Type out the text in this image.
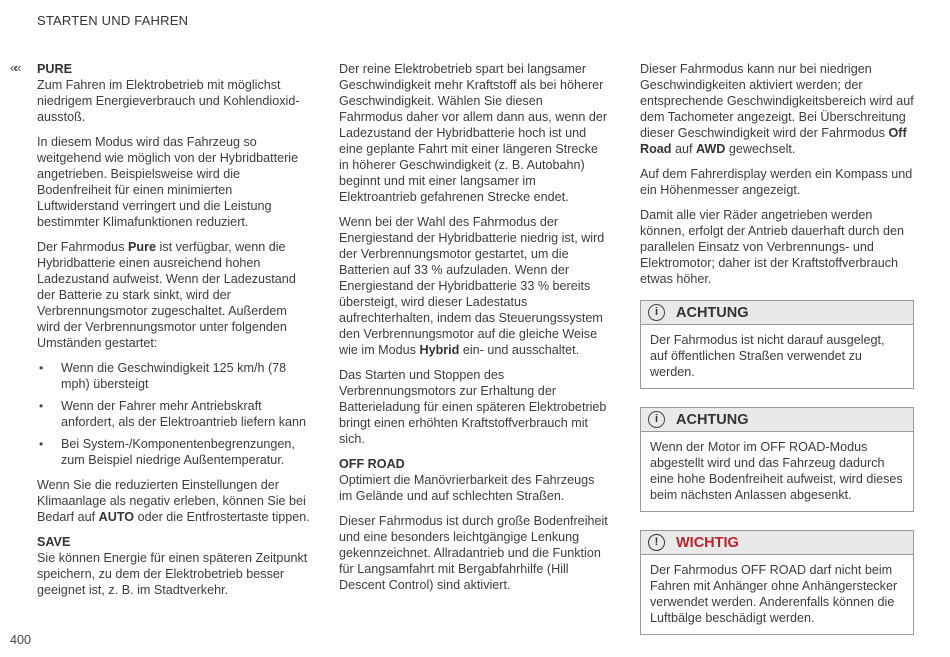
STARTEN UND FAHREN
«« PURE

Zum Fahren im Elektrobetrieb mit möglichst niedrigem Energieverbrauch und Kohlendioxid-ausstoß.

In diesem Modus wird das Fahrzeug so weitgehend wie möglich von der Hybridbatterie angetrieben. Beispielsweise wird die Bodenfreiheit für einen minimierten Luftwiderstand verringert und die Leistung bestimmter Klimafunktionen reduziert.

Der Fahrmodus Pure ist verfügbar, wenn die Hybridbatterie einen ausreichend hohen Ladezustand aufweist. Wenn der Ladezustand der Batterie zu stark sinkt, wird der Verbrennungsmotor zugeschaltet. Außerdem wird der Verbrennungsmotor unter folgenden Umständen gestartet:

• Wenn die Geschwindigkeit 125 km/h (78 mph) übersteigt
• Wenn der Fahrer mehr Antriebskraft anfordert, als der Elektroantrieb liefern kann
• Bei System-/Komponentenbegrenzungen, zum Beispiel niedrige Außentemperatur.

Wenn Sie die reduzierten Einstellungen der Klimaanlage als negativ erleben, können Sie bei Bedarf auf AUTO oder die Entfrostertaste tippen.

SAVE

Sie können Energie für einen späteren Zeitpunkt speichern, zu dem der Elektrobetrieb besser geeignet ist, z. B. im Stadtverkehr.

Der reine Elektrobetrieb spart bei langsamer Geschwindigkeit mehr Kraftstoff als bei höherer Geschwindigkeit. Wählen Sie diesen Fahrmodus daher vor allem dann aus, wenn der Ladezustand der Hybridbatterie hoch ist und eine geplante Fahrt mit einer längeren Strecke in höherer Geschwindigkeit (z. B. Autobahn) beginnt und mit einer langsamer im Elektroantrieb gefahrenen Strecke endet.

Wenn bei der Wahl des Fahrmodus der Energiestand der Hybridbatterie niedrig ist, wird der Verbrennungsmotor gestartet, um die Batterien auf 33 % aufzuladen. Wenn der Energiestand der Hybridbatterie 33 % bereits übersteigt, wird dieser Ladestatus aufrechterhalten, indem das Steuerungssystem den Verbrennungsmotor auf die gleiche Weise wie im Modus Hybrid ein- und ausschaltet.

Das Starten und Stoppen des Verbrennungsmotors zur Erhaltung der Batterieladung für einen späteren Elektrobetrieb bringt einen erhöhten Kraftstoffverbrauch mit sich.

OFF ROAD

Optimiert die Manövrierbarkeit des Fahrzeugs im Gelände und auf schlechten Straßen.

Dieser Fahrmodus ist durch große Bodenfreiheit und eine besonders leichtgängige Lenkung gekennzeichnet. Allradantrieb und die Funktion für Langsamfahrt mit Bergabfahrhilfe (Hill Descent Control) sind aktiviert.

Dieser Fahrmodus kann nur bei niedrigen Geschwindigkeiten aktiviert werden; der entsprechende Geschwindigkeitsbereich wird auf dem Tachometer angezeigt. Bei Überschreitung dieser Geschwindigkeit wird der Fahrmodus Off Road auf AWD gewechselt.

Auf dem Fahrerdisplay werden ein Kompass und ein Höhenmesser angezeigt.

Damit alle vier Räder angetrieben werden können, erfolgt der Antrieb dauerhaft durch den parallelen Einsatz von Verbrennungs- und Elektromotor; daher ist der Kraftstoffverbrauch etwas höher.

i	ACHTUNG

Der Fahrmodus ist nicht darauf ausgelegt, auf öffentlichen Straßen verwendet zu werden.

i	ACHTUNG

Wenn der Motor im OFF ROAD-Modus abgestellt wird und das Fahrzeug dadurch eine hohe Bodenfreiheit aufweist, wird dieses beim nächsten Anlassen abgesenkt.

!	WICHTIG

Der Fahrmodus OFF ROAD darf nicht beim Fahren mit Anhänger ohne Anhängerstecker verwendet werden. Anderenfalls können die Luftbälge beschädigt werden.

400
